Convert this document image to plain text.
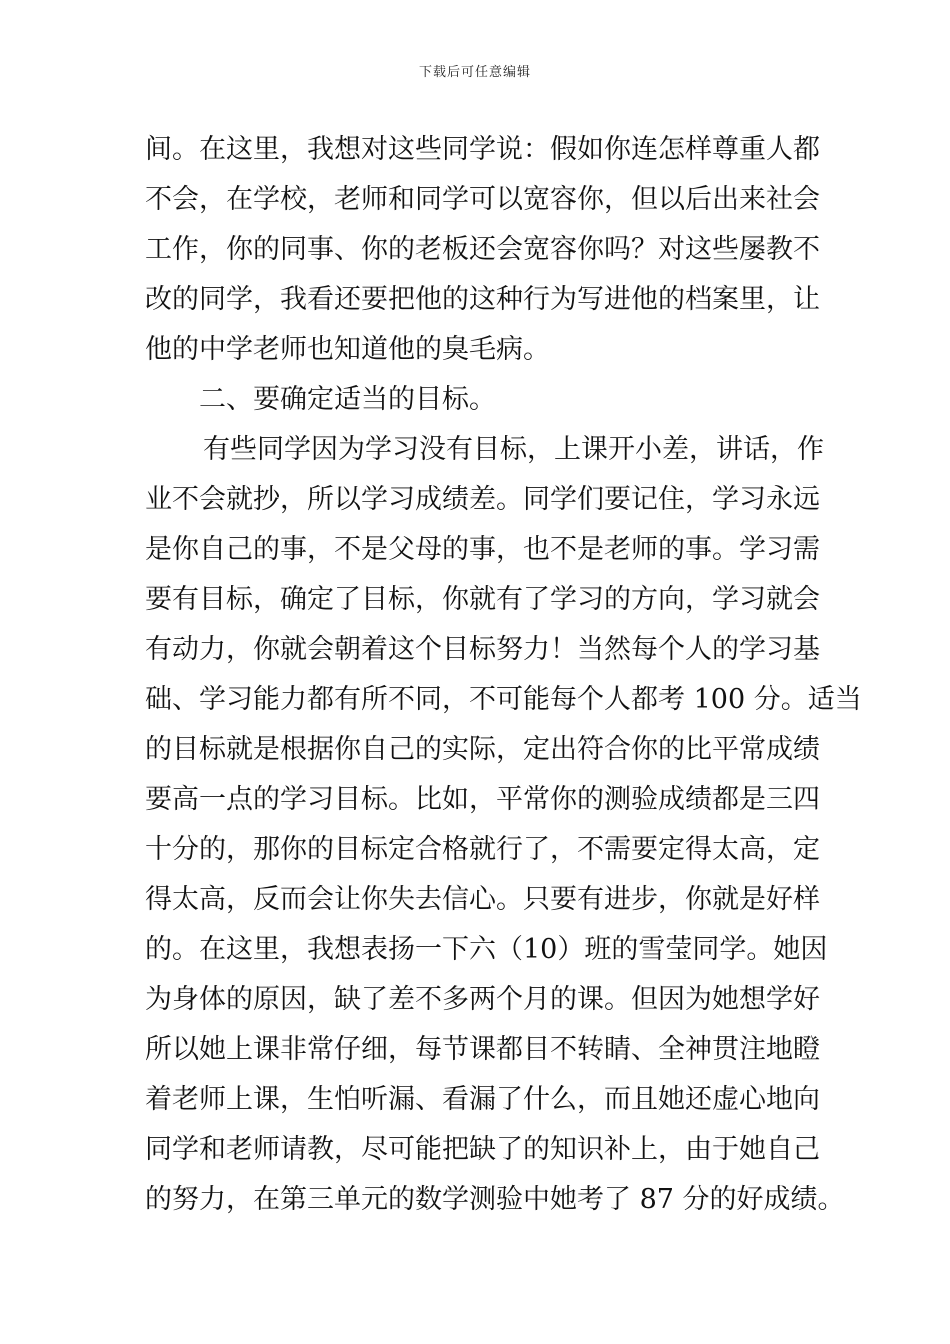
下载后可任意编辑
间。在这里，我想对这些同学说：假如你连怎样尊重人都
不会，在学校，老师和同学可以宽容你，但以后出来社会
工作，你的同事、你的老板还会宽容你吗？对这些屡教不
改的同学，我看还要把他的这种行为写进他的档案里，让
他的中学老师也知道他的臭毛病。
二、要确定适当的目标。
有些同学因为学习没有目标，上课开小差，讲话，作
业不会就抄，所以学习成绩差。同学们要记住，学习永远
是你自己的事，不是父母的事，也不是老师的事。学习需
要有目标，确定了目标，你就有了学习的方向，学习就会
有动力，你就会朝着这个目标努力！当然每个人的学习基
础、学习能力都有所不同，不可能每个人都考 100 分。适当
的目标就是根据你自己的实际，定出符合你的比平常成绩
要高一点的学习目标。比如，平常你的测验成绩都是三四
十分的，那你的目标定合格就行了，不需要定得太高，定
得太高，反而会让你失去信心。只要有进步，你就是好样
的。在这里，我想表扬一下六（10）班的雪莹同学。她因
为身体的原因，缺了差不多两个月的课。但因为她想学好
所以她上课非常仔细，每节课都目不转睛、全神贯注地瞪
着老师上课，生怕听漏、看漏了什么，而且她还虚心地向
同学和老师请教，尽可能把缺了的知识补上，由于她自己
的努力，在第三单元的数学测验中她考了 87 分的好成绩。
